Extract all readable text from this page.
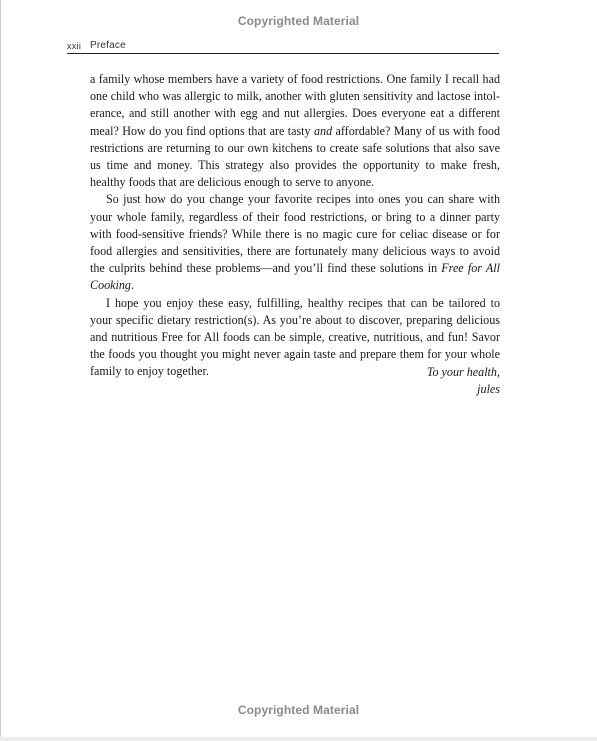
Copyrighted Material
xxii Preface

a family whose members have a variety of food restrictions. One family I recall had one child who was allergic to milk, another with gluten sensitivity and lactose intolerance, and still another with egg and nut allergies. Does everyone eat a different meal? How do you find options that are tasty and affordable? Many of us with food restrictions are returning to our own kitchens to create safe solutions that also save us time and money. This strategy also provides the opportunity to make fresh, healthy foods that are delicious enough to serve to anyone.

So just how do you change your favorite recipes into ones you can share with your whole family, regardless of their food restrictions, or bring to a dinner party with food-sensitive friends? While there is no magic cure for celiac disease or for food allergies and sensitivities, there are fortunately many delicious ways to avoid the culprits behind these problems—and you’ll find these solutions in Free for All Cooking.

I hope you enjoy these easy, fulfilling, healthy recipes that can be tailored to your specific dietary restriction(s). As you’re about to discover, preparing delicious and nutritious Free for All foods can be simple, creative, nutritious, and fun! Savor the foods you thought you might never again taste and prepare them for your whole family to enjoy together.	To your health,
jules
Copyrighted Material
